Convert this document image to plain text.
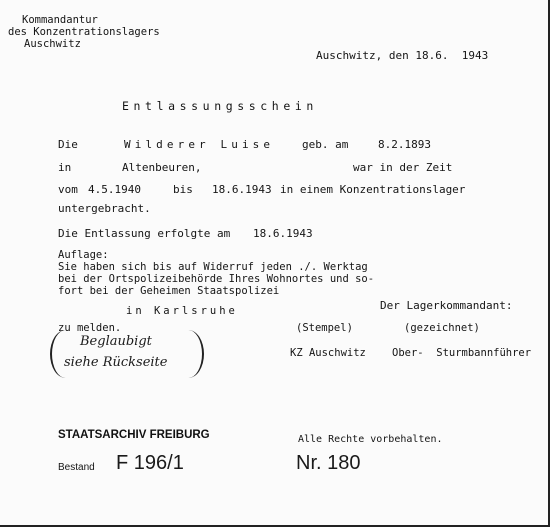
Kommandantur
des Konzentrationslagers
Auschwitz
Auschwitz, den 18.6.  1943
Entlassungsschein
Die	Wilderer Luise	geb. am	8.2.1893
in	Altenbeuren,	war in der Zeit
vom 4.5.1940	bis 18.6.1943 in einem Konzentrationslager
untergebracht.
Die Entlassung erfolgte am 18.6.1943
Auflage:
Sie haben sich bis auf Widerruf jeden ./. Werktag
bei der Ortspolizeibehörde Ihres Wohnortes und so-
fort bei der Geheimen Staatspolizei
in Karlsruhe
zu melden.
Der Lagerkommandant:
(Stempel)	(gezeichnet)
KZ Auschwitz Ober-  Sturmbannführer
Beglaubigt
siehe Rückseite
STAATSARCHIV FREIBURG	Alle Rechte vorbehalten.
Bestand F 196/1	Nr. 180
